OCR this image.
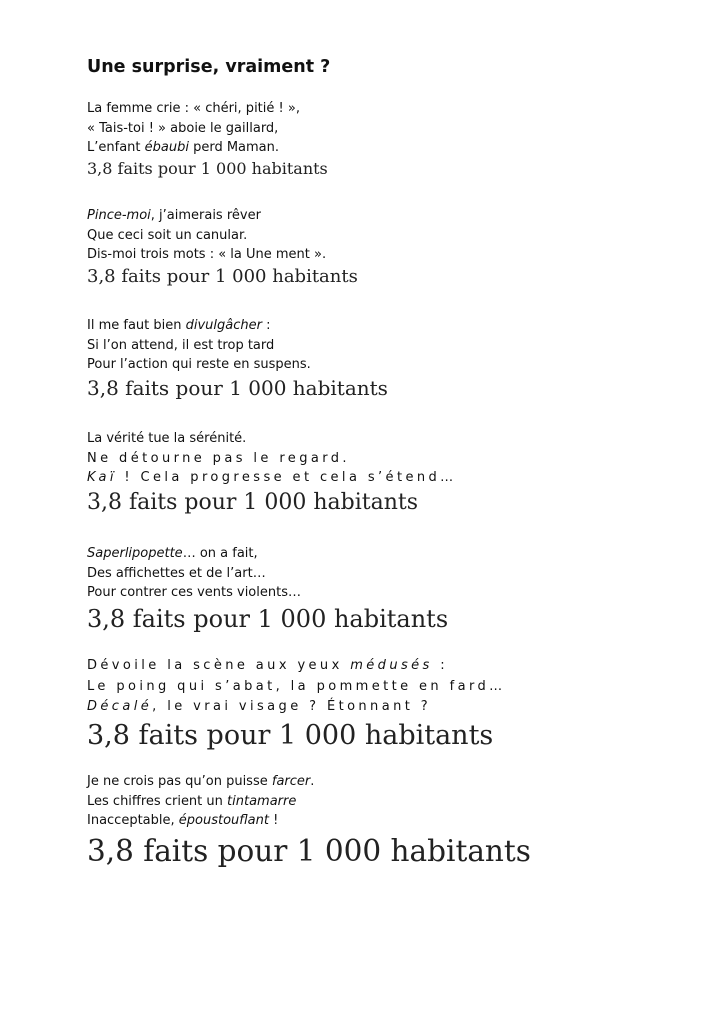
Une surprise, vraiment ?
La femme crie : « chéri, pitié ! »,
« Tais-toi ! » aboie le gaillard,
L’enfant ébaubi perd Maman.
3,8 faits pour 1 000 habitants
Pince-moi, j’aimerais rêver
Que ceci soit un canular.
Dis-moi trois mots : « la Une ment ».
3,8 faits pour 1 000 habitants
Il me faut bien divulgâcher :
Si l’on attend, il est trop tard
Pour l’action qui reste en suspens.
3,8 faits pour 1 000 habitants
La vérité tue la sérénité.
Ne détourne pas le regard.
Kaï ! Cela progresse et cela s’étend…
3,8 faits pour 1 000 habitants
Saperlipopette… on a fait,
Des affichettes et de l’art…
Pour contrer ces vents violents…
3,8 faits pour 1 000 habitants
Dévoile la scène aux yeux médusés :
Le poing qui s’abat, la pommette en fard…
Décalé, le vrai visage ? Étonnant ?
3,8 faits pour 1 000 habitants
Je ne crois pas qu’on puisse farcer.
Les chiffres crient un tintamarre
Inacceptable, époustouflant !
3,8 faits pour 1 000 habitants
